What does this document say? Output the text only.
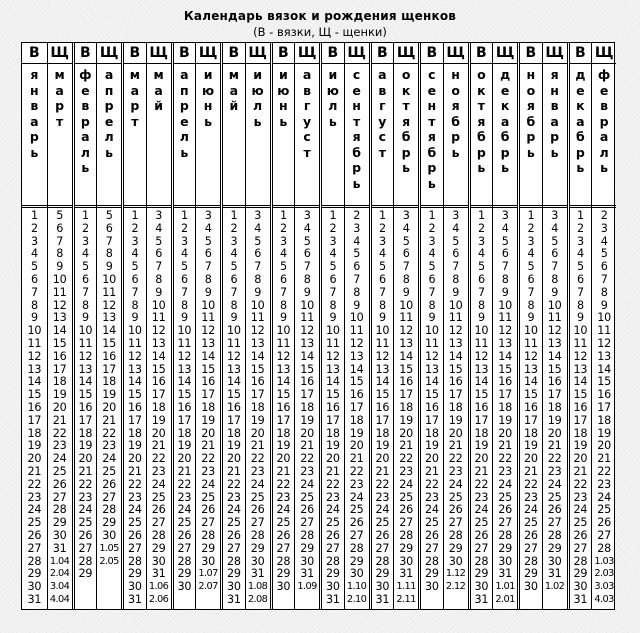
Календарь вязок и рождения щенков
(В - вязки, Щ - щенки)
В
я
н
в
а
р
ь
1
2
3
4
5
6
7
8
9
10
11
12
13
14
15
16
17
18
19
20
21
22
23
24
25
26
27
28
29
30
31
Щ
м
а
р
т
5
6
7
8
9
10
11
12
13
14
15
16
17
18
19
20
21
22
23
24
25
26
27
28
29
30
31
1.04
2.04
3.04
4.04
В
ф
е
в
р
а
л
ь
1
2
3
4
5
6
7
8
9
10
11
12
13
14
15
16
17
18
19
20
21
22
23
24
25
26
27
28
29
Щ
а
п
р
е
л
ь
5
6
7
8
9
10
11
12
13
14
15
16
17
18
19
20
21
22
23
24
25
26
27
28
29
30
1.05
2.05
В
м
а
р
т
1
2
3
4
5
6
7
8
9
10
11
12
13
14
15
16
17
18
19
20
21
22
23
24
25
26
27
28
29
30
31
Щ
м
а
й
3
4
5
6
7
8
9
10
11
12
13
14
15
16
17
18
19
20
21
22
23
24
25
26
27
28
29
30
31
1.06
2.06
В
а
п
р
е
л
ь
1
2
3
4
5
6
7
8
9
10
11
12
13
14
15
16
17
18
19
20
21
22
23
24
25
26
27
28
29
30
Щ
и
ю
н
ь
3
4
5
6
7
8
9
10
11
12
13
14
15
16
17
18
19
20
21
22
23
24
25
26
27
28
29
30
1.07
2.07
В
м
а
й
1
2
3
4
5
6
7
8
9
10
11
12
13
14
15
16
17
18
19
20
21
22
23
24
25
26
27
28
29
30
31
Щ
и
ю
л
ь
3
4
5
6
7
8
9
10
11
12
13
14
15
16
17
18
19
20
21
22
23
24
25
26
27
28
29
30
31
1.08
2.08
В
и
ю
н
ь
1
2
3
4
5
6
7
8
9
10
11
12
13
14
15
16
17
18
19
20
21
22
23
24
25
26
27
28
29
30
Щ
а
в
г
у
с
т
3
4
5
6
7
8
9
10
11
12
13
14
15
16
17
18
19
20
21
22
23
24
25
26
27
28
29
30
31
1.09
В
и
ю
л
ь
1
2
3
4
5
6
7
8
9
10
11
12
13
14
15
16
17
18
19
20
21
22
23
24
25
26
27
28
29
30
31
Щ
с
е
н
т
я
б
р
ь
2
3
4
5
6
7
8
9
10
11
12
13
14
15
16
17
18
19
20
21
22
23
24
25
26
27
28
29
30
1.10
2.10
В
а
в
г
у
с
т
1
2
3
4
5
6
7
8
9
10
11
12
13
14
15
16
17
18
19
20
21
22
23
24
25
26
27
28
29
30
31
Щ
о
к
т
я
б
р
ь
3
4
5
6
7
8
9
10
11
12
13
14
15
16
17
18
19
20
21
22
23
24
25
26
27
28
29
30
31
1.11
2.11
В
с
е
н
т
я
б
р
ь
1
2
3
4
5
6
7
8
9
10
11
12
13
14
15
16
17
18
19
20
21
22
23
24
25
26
27
28
29
30
Щ
н
о
я
б
р
ь
3
4
5
6
7
8
9
10
11
12
13
14
15
16
17
18
19
20
21
22
23
24
25
26
27
28
29
30
1.12
2.12
В
о
к
т
я
б
р
ь
1
2
3
4
5
6
7
8
9
10
11
12
13
14
15
16
17
18
19
20
21
22
23
24
25
26
27
28
29
30
31
Щ
д
е
к
а
б
р
ь
3
4
5
6
7
8
9
10
11
12
13
14
15
16
17
18
19
20
21
22
23
24
25
26
27
28
29
30
31
1.01
2.01
В
н
о
я
б
р
ь
1
2
3
4
5
6
7
8
9
10
11
12
13
14
15
16
17
18
19
20
21
22
23
24
25
26
27
28
29
30
Щ
я
н
в
а
р
ь
3
4
5
6
7
8
9
10
11
12
13
14
15
16
17
18
19
20
21
22
23
24
25
26
27
28
29
30
31
1.02
В
д
е
к
а
б
р
ь
1
2
3
4
5
6
7
8
9
10
11
12
13
14
15
16
17
18
19
20
21
22
23
24
25
26
27
28
29
30
31
Щ
ф
е
в
р
а
л
ь
2
3
4
5
6
7
8
9
10
11
12
13
14
15
16
17
18
19
20
21
22
23
24
25
26
27
28
1.03
2.03
3.03
4.03
